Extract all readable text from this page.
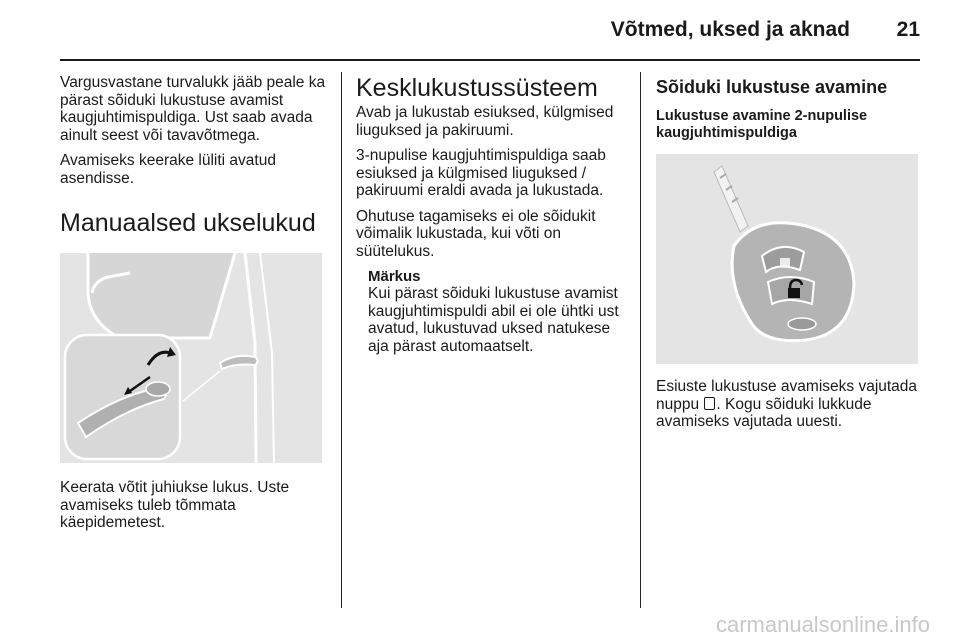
Võtmed, uksed ja aknad	21

Vargusvastane turvalukk jääb peale ka pärast sõiduki lukustuse avamist kaugjuhtimispuldiga. Ust saab avada ainult seest või tavavõtmega.

Avamiseks keerake lüliti avatud asendisse.

Manuaalsed ukselukud

Keerata võtit juhiukse lukus. Uste avamiseks tuleb tõmmata käepidemetest.

Kesklukustussüsteem

Avab ja lukustab esiuksed, külgmised liuguksed ja pakiruumi.

3-nupulise kaugjuhtimispuldiga saab esiuksed ja külgmised liuguksed / pakiruumi eraldi avada ja lukustada.

Ohutuse tagamiseks ei ole sõidukit võimalik lukustada, kui võti on süütelukus.

Märkus

Kui pärast sõiduki lukustuse avamist kaugjuhtimispuldi abil ei ole ühtki ust avatud, lukustuvad uksed natukese aja pärast automaatselt.

Sõiduki lukustuse avamine
Lukustuse avamine 2-nupulise kaugjuhtimispuldiga

Esiuste lukustuse avamiseks vajutada nuppu . Kogu sõiduki lukkude avamiseks vajutada uuesti.

carmanualsonline.info
